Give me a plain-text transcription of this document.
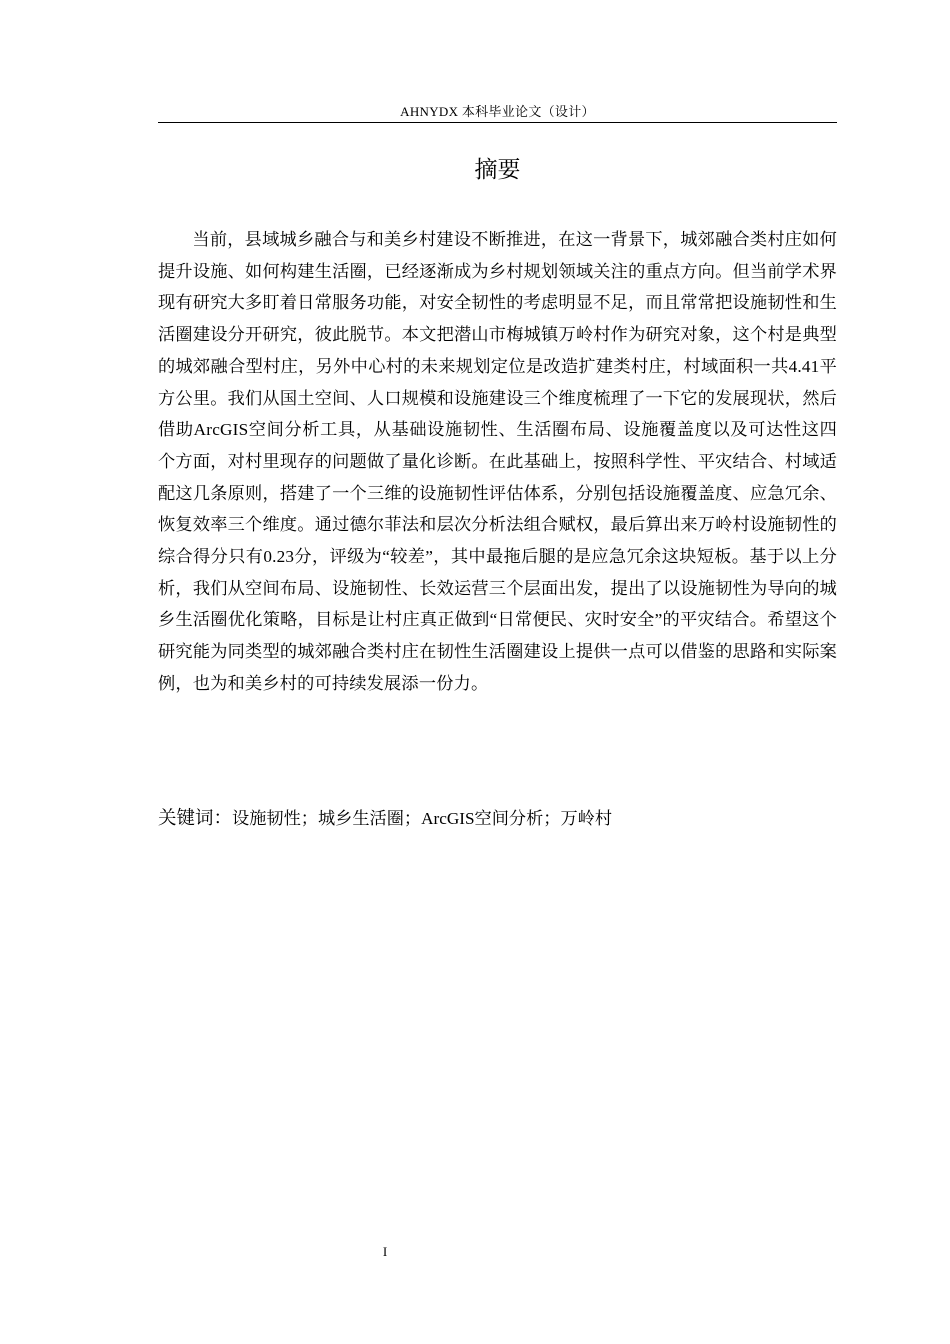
AHNYDX 本科毕业论文（设计）
摘要

当前，县域城乡融合与和美乡村建设不断推进，在这一背景下，城郊融合类村庄如何提升设施、如何构建生活圈，已经逐渐成为乡村规划领域关注的重点方向。但当前学术界现有研究大多盯着日常服务功能，对安全韧性的考虑明显不足，而且常常把设施韧性和生活圈建设分开研究，彼此脱节。本文把潜山市梅城镇万岭村作为研究对象，这个村是典型的城郊融合型村庄，另外中心村的未来规划定位是改造扩建类村庄，村域面积一共4.41平方公里。我们从国土空间、人口规模和设施建设三个维度梳理了一下它的发展现状，然后借助ArcGIS空间分析工具，从基础设施韧性、生活圈布局、设施覆盖度以及可达性这四个方面，对村里现存的问题做了量化诊断。在此基础上，按照科学性、平灾结合、村域适配这几条原则，搭建了一个三维的设施韧性评估体系，分别包括设施覆盖度、应急冗余、恢复效率三个维度。通过德尔菲法和层次分析法组合赋权，最后算出来万岭村设施韧性的综合得分只有0.23分，评级为“较差”，其中最拖后腿的是应急冗余这块短板。基于以上分析，我们从空间布局、设施韧性、长效运营三个层面出发，提出了以设施韧性为导向的城乡生活圈优化策略，目标是让村庄真正做到“日常便民、灾时安全”的平灾结合。希望这个研究能为同类型的城郊融合类村庄在韧性生活圈建设上提供一点可以借鉴的思路和实际案例，也为和美乡村的可持续发展添一份力。

关键词：设施韧性；城乡生活圈；ArcGIS空间分析；万岭村
I
